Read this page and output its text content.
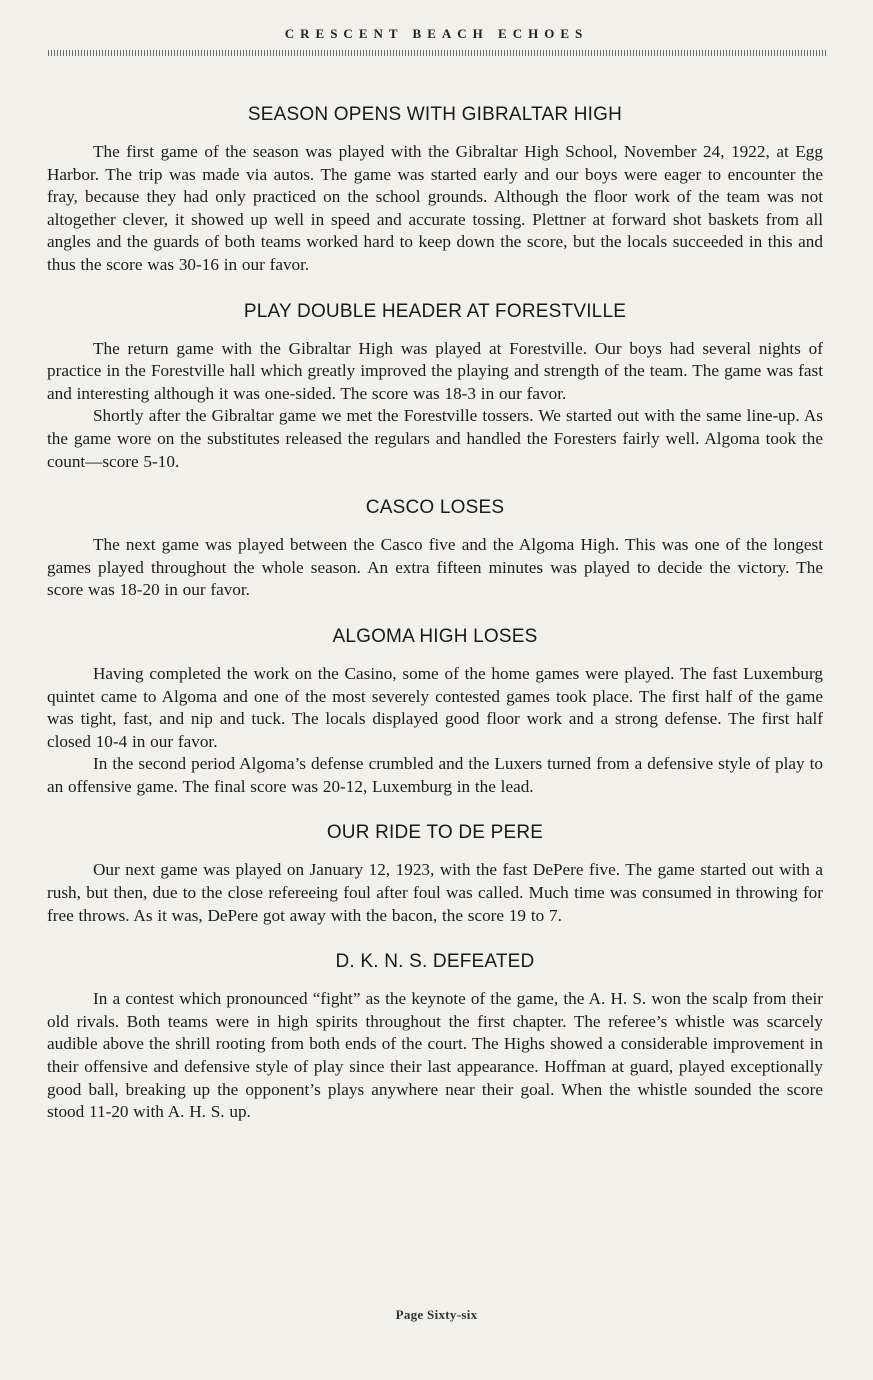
CRESCENT BEACH ECHOES
SEASON OPENS WITH GIBRALTAR HIGH

The first game of the season was played with the Gibraltar High School, November 24, 1922, at Egg Harbor. The trip was made via autos. The game was started early and our boys were eager to encounter the fray, because they had only practiced on the school grounds. Although the floor work of the team was not altogether clever, it showed up well in speed and accurate tossing. Plettner at forward shot baskets from all angles and the guards of both teams worked hard to keep down the score, but the locals succeeded in this and thus the score was 30-16 in our favor.

PLAY DOUBLE HEADER AT FORESTVILLE

The return game with the Gibraltar High was played at Forestville. Our boys had several nights of practice in the Forestville hall which greatly improved the playing and strength of the team. The game was fast and interesting although it was one-sided. The score was 18-3 in our favor.

Shortly after the Gibraltar game we met the Forestville tossers. We started out with the same line-up. As the game wore on the substitutes released the regulars and handled the Foresters fairly well. Algoma took the count—score 5-10.

CASCO LOSES

The next game was played between the Casco five and the Algoma High. This was one of the longest games played throughout the whole season. An extra fifteen minutes was played to decide the victory. The score was 18-20 in our favor.

ALGOMA HIGH LOSES

Having completed the work on the Casino, some of the home games were played. The fast Luxemburg quintet came to Algoma and one of the most severely contested games took place. The first half of the game was tight, fast, and nip and tuck. The locals displayed good floor work and a strong defense. The first half closed 10-4 in our favor.

In the second period Algoma’s defense crumbled and the Luxers turned from a defensive style of play to an offensive game. The final score was 20-12, Luxemburg in the lead.

OUR RIDE TO DE PERE

Our next game was played on January 12, 1923, with the fast DePere five. The game started out with a rush, but then, due to the close refereeing foul after foul was called. Much time was consumed in throwing for free throws. As it was, DePere got away with the bacon, the score 19 to 7.

D. K. N. S. DEFEATED

In a contest which pronounced “fight” as the keynote of the game, the A. H. S. won the scalp from their old rivals. Both teams were in high spirits throughout the first chapter. The referee’s whistle was scarcely audible above the shrill rooting from both ends of the court. The Highs showed a considerable improvement in their offensive and defensive style of play since their last appearance. Hoffman at guard, played exceptionally good ball, breaking up the opponent’s plays anywhere near their goal. When the whistle sounded the score stood 11-20 with A. H. S. up.

Page Sixty-six
